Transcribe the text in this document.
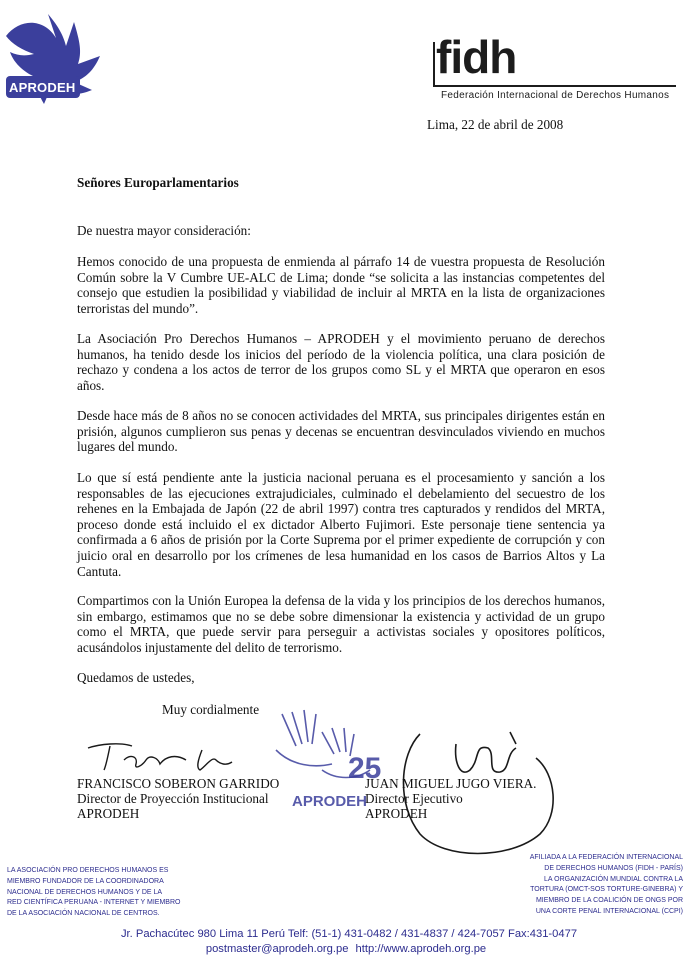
APRODEH
fidh
Federación Internacional de Derechos Humanos
Lima, 22 de abril de 2008
Señores Europarlamentarios
De nuestra mayor consideración:
Hemos conocido de una propuesta de enmienda al párrafo 14 de vuestra propuesta de Resolución Común sobre la V Cumbre UE-ALC de Lima; donde “se solicita a las instancias competentes del consejo que estudien la posibilidad y viabilidad de incluir al MRTA en la lista de organizaciones terroristas del mundo”.
La Asociación Pro Derechos Humanos – APRODEH y el movimiento peruano de derechos humanos, ha tenido desde los inicios del período de la violencia política, una clara posición de rechazo y condena a los actos de terror de los grupos como SL y el MRTA que operaron en esos años.
Desde hace más de 8 años no se conocen actividades del MRTA, sus principales dirigentes están en prisión, algunos cumplieron sus penas y decenas se encuentran desvinculados viviendo en muchos lugares del mundo.
Lo que sí está pendiente ante la justicia nacional peruana es el procesamiento y sanción a los responsables de las ejecuciones extrajudiciales, culminado el debelamiento del secuestro de los rehenes en la Embajada de Japón (22 de abril 1997) contra tres capturados y rendidos del MRTA, proceso donde está incluido el ex dictador Alberto Fujimori. Este personaje tiene sentencia ya confirmada a 6 años de prisión por la Corte Suprema por el primer expediente de corrupción y con juicio oral en desarrollo por los crímenes de lesa humanidad en los casos de Barrios Altos y La Cantuta.
Compartimos con la Unión Europea la defensa de la vida y los principios de los derechos humanos, sin embargo, estimamos que no se debe sobre dimensionar la existencia y actividad de un grupo como el MRTA, que puede servir para perseguir a activistas sociales y opositores políticos, acusándolos injustamente del delito de terrorismo.
Quedamos de ustedes,
Muy cordialmente
25
APRODEH
FRANCISCO SOBERON GARRIDO
Director de Proyección Institucional
APRODEH
JUAN MIGUEL JUGO VIERA.
Director Ejecutivo
APRODEH
LA ASOCIACIÓN PRO DERECHOS HUMANOS ES
MIEMBRO FUNDADOR DE LA COORDINADORA
NACIONAL DE DERECHOS HUMANOS Y DE LA
RED CIENTÍFICA PERUANA - INTERNET Y MIEMBRO
DE LA ASOCIACIÓN NACIONAL DE CENTROS.
AFILIADA A LA FEDERACIÓN INTERNACIONAL
DE DERECHOS HUMANOS (FIDH - PARÍS)
LA ORGANIZACIÓN MUNDIAL CONTRA LA
TORTURA (OMCT-SOS TORTURE-GINEBRA) Y
MIEMBRO DE LA COALICIÓN DE ONGS POR
UNA CORTE PENAL INTERNACIONAL (CCPI)
Jr. Pachacútec 980 Lima 11 Perú Telf: (51-1) 431-0482 / 431-4837 / 424-7057 Fax:431-0477
postmaster@aprodeh.org.pe http://www.aprodeh.org.pe
